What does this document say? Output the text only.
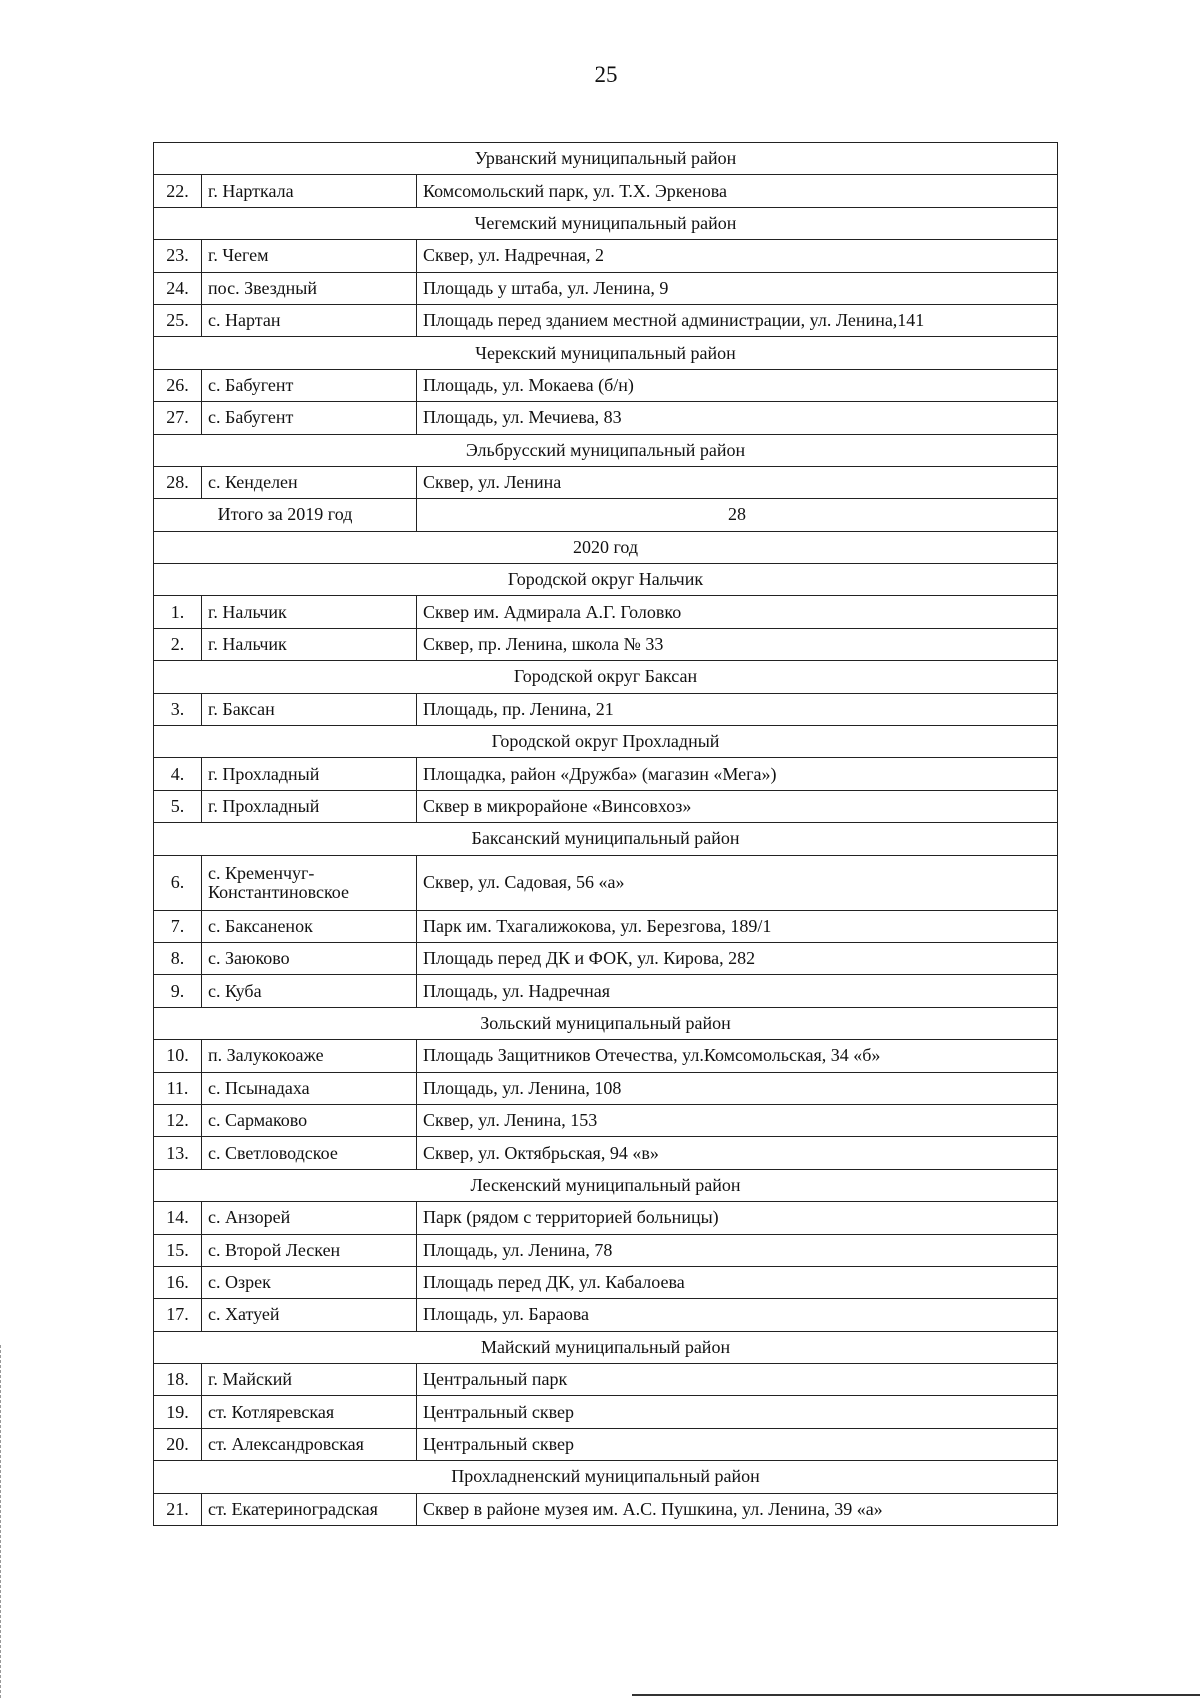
25
Урванский муниципальный район		
22.	г. Нарткала	Комсомольский парк, ул. Т.Х. Эркенова
Чегемский муниципальный район		
23.	г. Чегем	Сквер, ул. Надречная, 2
24.	пос. Звездный	Площадь у штаба, ул. Ленина, 9
25.	с. Нартан	Площадь перед зданием местной администрации, ул. Ленина,141
Черекский муниципальный район		
26.	с. Бабугент	Площадь, ул. Мокаева (б/н)
27.	с. Бабугент	Площадь, ул. Мечиева, 83
Эльбрусский муниципальный район		
28.	с. Кенделен	Сквер, ул. Ленина
Итого за 2019 год		28
2020 год		
Городской округ Нальчик		
1.	г. Нальчик	Сквер им. Адмирала А.Г. Головко
2.	г. Нальчик	Сквер, пр. Ленина, школа № 33
Городской округ Баксан		
3.	г. Баксан	Площадь, пр. Ленина, 21
Городской округ Прохладный		
4.	г. Прохладный	Площадка, район «Дружба» (магазин «Мега»)
5.	г. Прохладный	Сквер в микрорайоне «Винсовхоз»
Баксанский муниципальный район		
6.	с. Кременчуг-Константиновское	Сквер, ул. Садовая, 56 «а»
7.	с. Баксаненок	Парк им. Тхагалижокова, ул. Березгова, 189/1
8.	с. Заюково	Площадь перед ДК и ФОК, ул. Кирова, 282
9.	с. Куба	Площадь, ул. Надречная
Зольский муниципальный район		
10.	п. Залукокоаже	Площадь Защитников Отечества, ул.Комсомольская, 34 «б»
11.	с. Псынадаха	Площадь, ул. Ленина, 108
12.	с. Сармаково	Сквер, ул. Ленина, 153
13.	с. Светловодское	Сквер, ул. Октябрьская, 94 «в»
Лескенский муниципальный район		
14.	с. Анзорей	Парк (рядом с территорией больницы)
15.	с. Второй Лескен	Площадь, ул. Ленина, 78
16.	с. Озрек	Площадь перед ДК, ул. Кабалоева
17.	с. Хатуей	Площадь, ул. Бараова
Майский муниципальный район		
18.	г. Майский	Центральный парк
19.	ст. Котляревская	Центральный сквер
20.	ст. Александровская	Центральный сквер
Прохладненский муниципальный район		
21.	ст. Екатериноградская	Сквер в районе музея им. А.С. Пушкина, ул. Ленина, 39 «а»
